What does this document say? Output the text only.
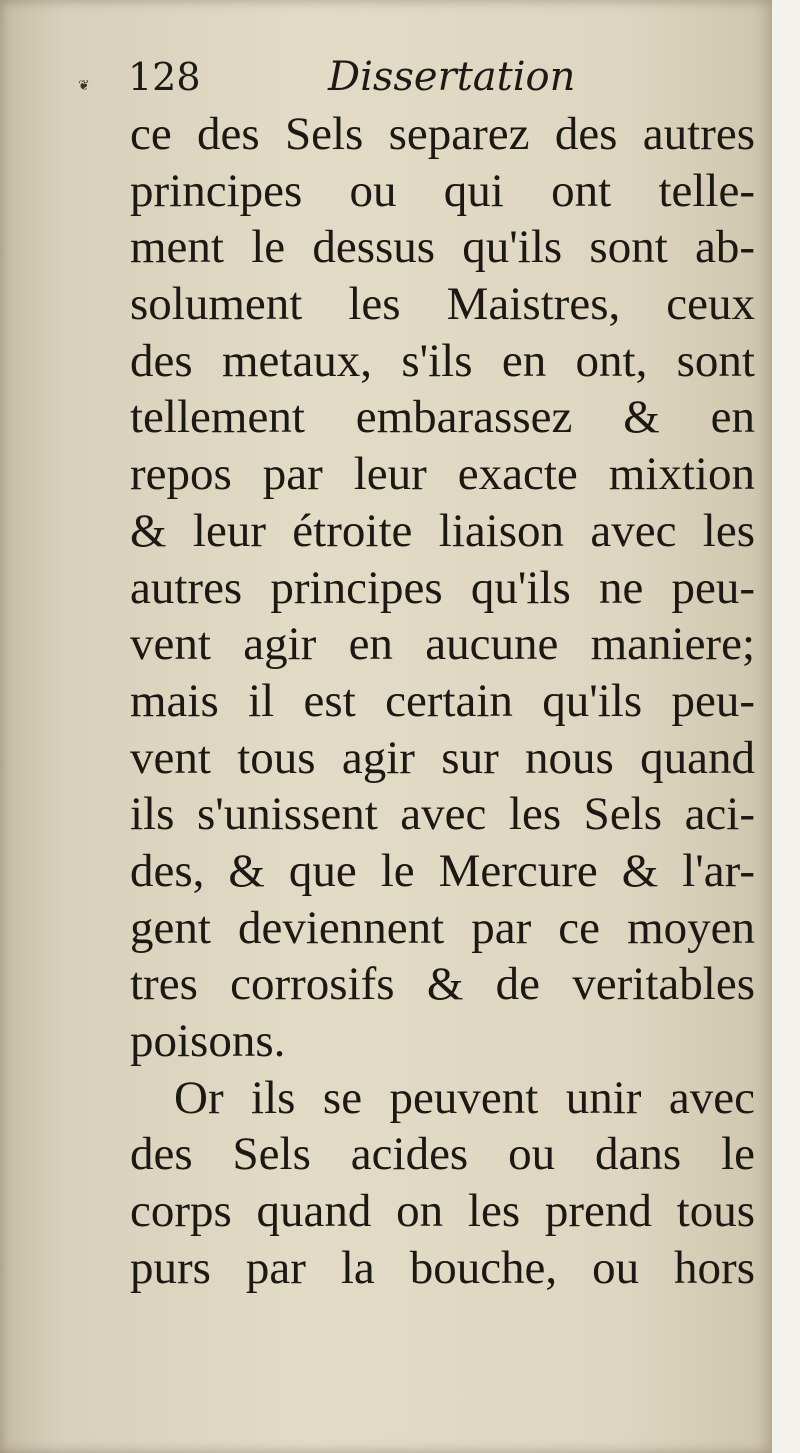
❦ 128	Dissertation
ce des Sels separez des autres
principes ou qui ont telle-
ment le dessus qu'ils sont ab-
solument les Maistres, ceux
des metaux, s'ils en ont, sont
tellement embarassez & en
repos par leur exacte mixtion
& leur étroite liaison avec les
autres principes qu'ils ne peu-
vent agir en aucune maniere;
mais il est certain qu'ils peu-
vent tous agir sur nous quand
ils s'unissent avec les Sels aci-
des, & que le Mercure & l'ar-
gent deviennent par ce moyen
tres corrosifs & de veritables
poisons.
Or ils se peuvent unir avec
des Sels acides ou dans le
corps quand on les prend tous
purs par la bouche, ou hors
